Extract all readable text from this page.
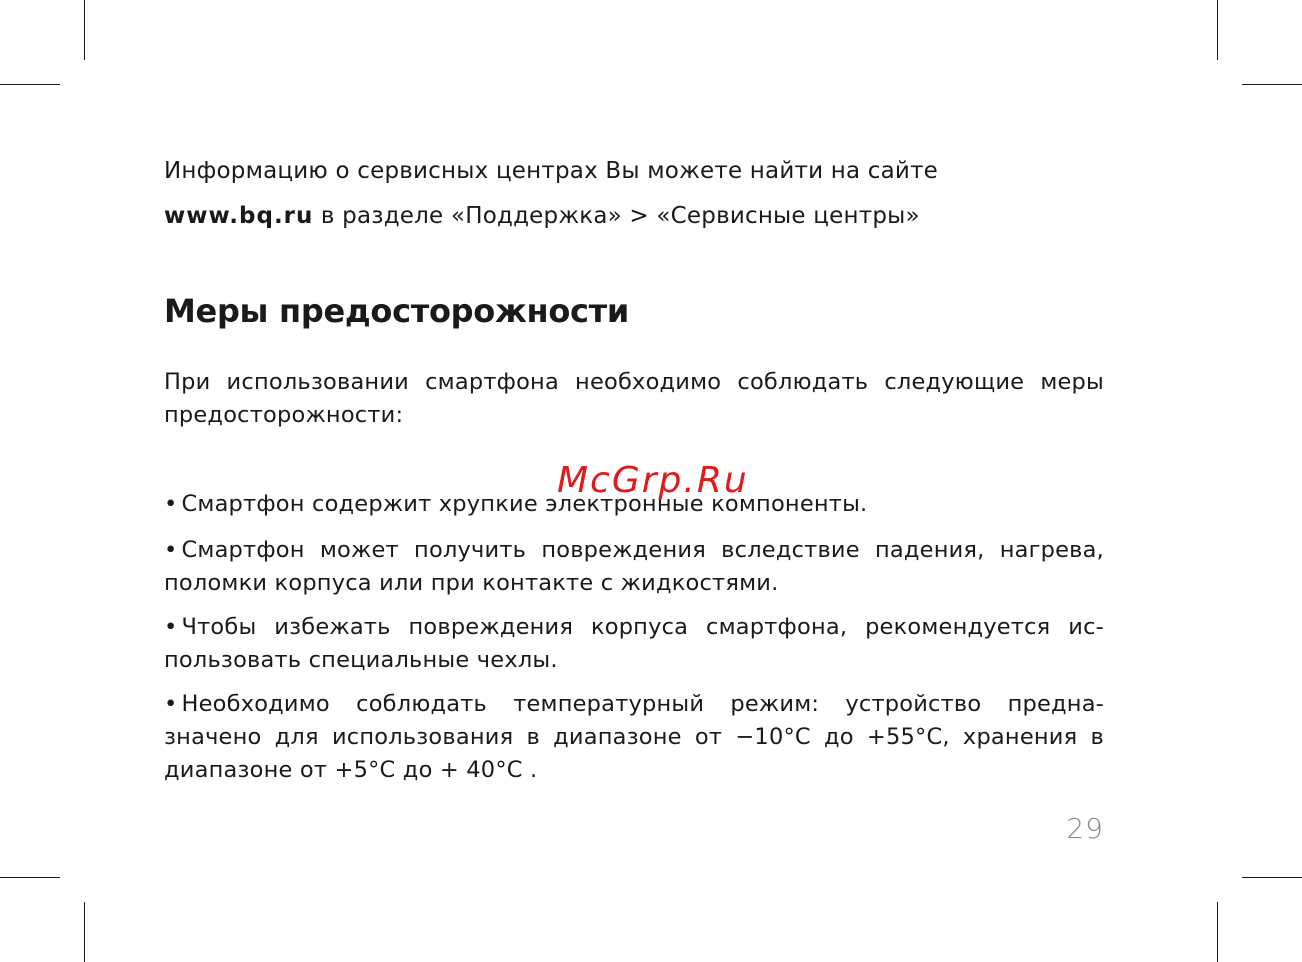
Информацию о сервисных центрах Вы можете найти на сайте
www.bq.ru в разделе «Поддержка» > «Сервисные центры»
Меры предосторожности

При использовании смартфона необходимо соблюдать следующие меры предосторожности:

• Смартфон содержит хрупкие электронные компоненты.

• Смартфон может получить повреждения вследствие падения, нагрева, поломки корпуса или при контакте с жидкостями.

• Чтобы избежать повреждения корпуса смартфона, рекомендуется ис-пользовать специальные чехлы.

• Необходимо соблюдать температурный режим: устройство предна-значено для использования в диапазоне от −10°С до +55°С, хранения в диапазоне от +5°С до + 40°С .

McGrp.Ru
29
